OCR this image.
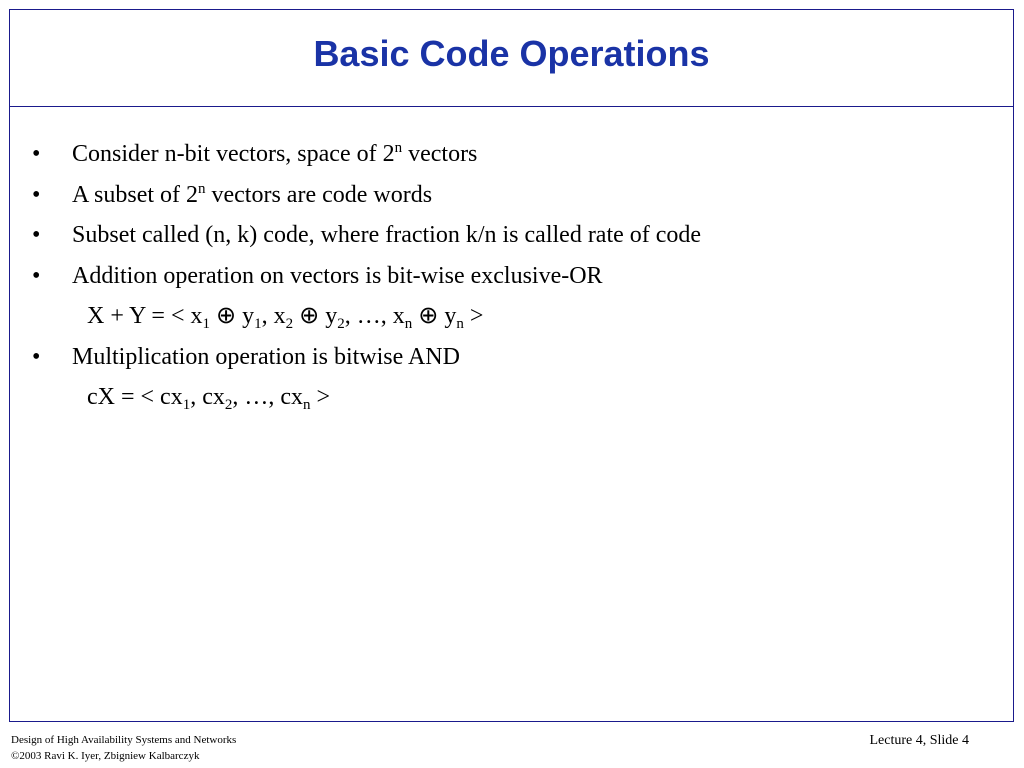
Basic Code Operations
• Consider n-bit vectors, space of 2$^n$ vectors
• A subset of 2$^n$ vectors are code words
• Subset called (n, k) code, where fraction k/n is called rate of code
• Addition operation on vectors is bit-wise exclusive-OR
X + Y = < $x_1$ ⊕ $y_1$, $x_2$ ⊕ $y_2$, …, $x_n$ ⊕ $y_n$ >
• Multiplication operation is bitwise AND
cX = < $cx_1$, $cx_2$, …, $cx_n$ >
Design of High Availability Systems and Networks
©2003 Ravi K. Iyer, Zbigniew Kalbarczyk
Lecture 4, Slide 4
